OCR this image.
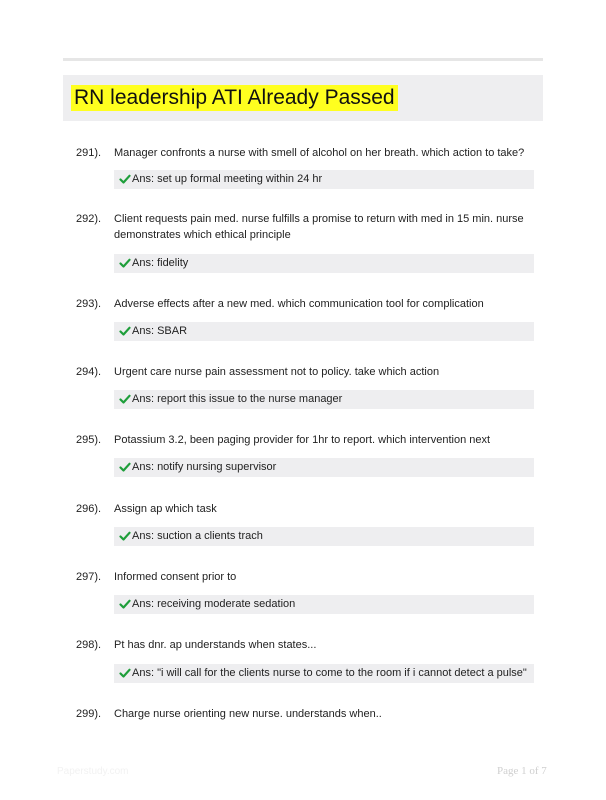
RN leadership ATI Already Passed
291). Manager confronts a nurse with smell of alcohol on her breath. which action to take?
Ans: set up formal meeting within 24 hr
292). Client requests pain med. nurse fulfills a promise to return with med in 15 min. nurse demonstrates which ethical principle
Ans: fidelity
293). Adverse effects after a new med. which communication tool for complication
Ans: SBAR
294). Urgent care nurse pain assessment not to policy. take which action
Ans: report this issue to the nurse manager
295). Potassium 3.2, been paging provider for 1hr to report. which intervention next
Ans: notify nursing supervisor
296). Assign ap which task
Ans: suction a clients trach
297). Informed consent prior to
Ans: receiving moderate sedation
298). Pt has dnr. ap understands when states...
Ans: "i will call for the clients nurse to come to the room if i cannot detect a pulse"
299). Charge nurse orienting new nurse. understands when..
Paperstudy.com	Page 1 of 7
